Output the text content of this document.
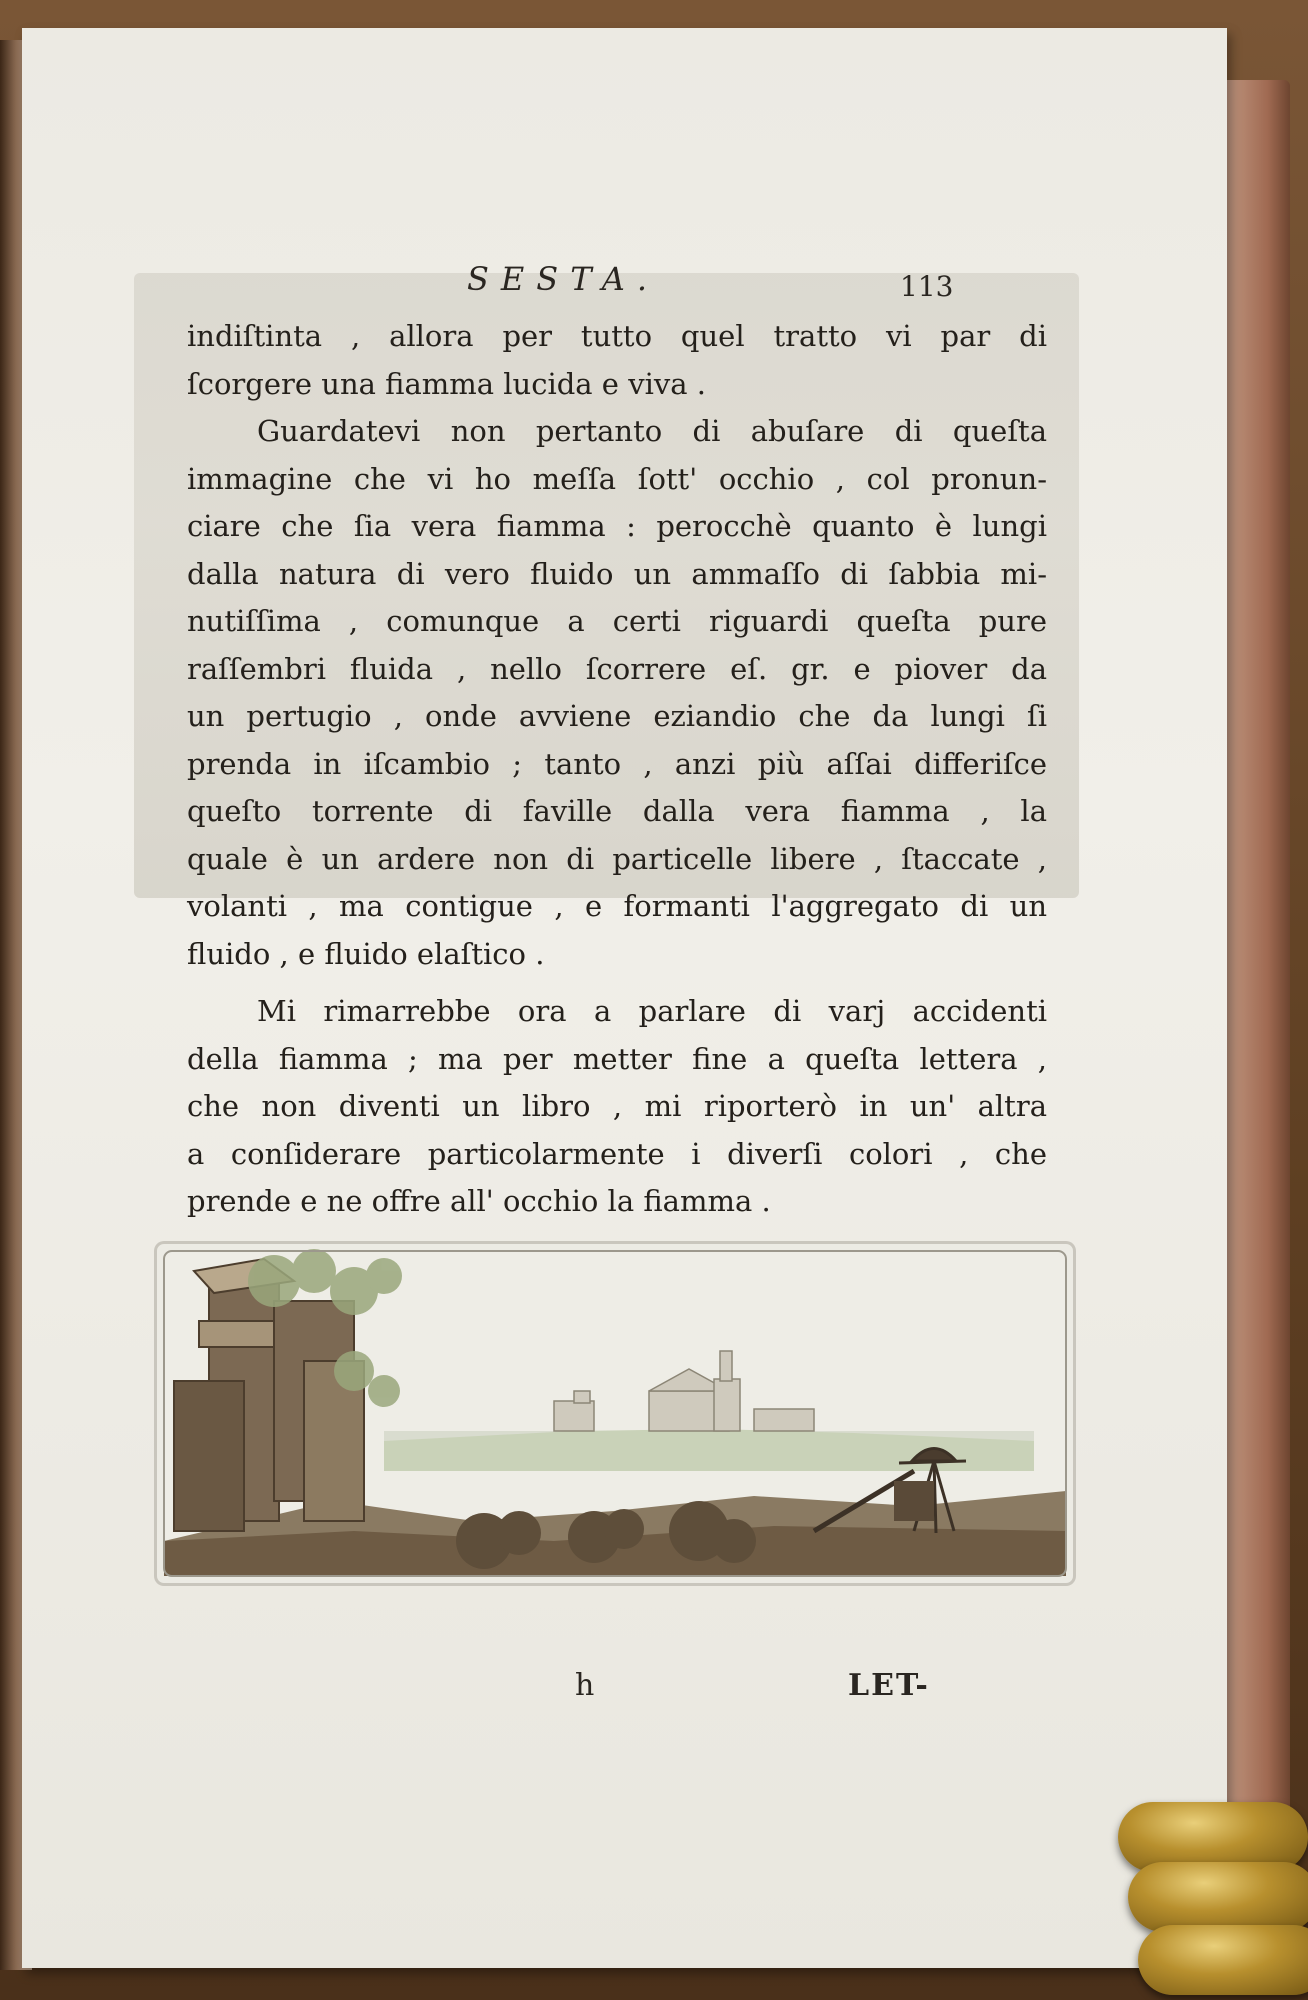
SESTA.	113
indiſtinta , allora per tutto quel tratto vi par di
ſcorgere una fiamma lucida e viva .
Guardatevi non pertanto di abuſare di queſta
immagine che vi ho meſſa ſott' occhio , col pronun-
ciare che ſia vera fiamma : perocchè quanto è lungi
dalla natura di vero fluido un ammaſſo di ſabbia mi-
nutiſſima , comunque a certi riguardi queſta pure
raſſembri fluida , nello ſcorrere eſ. gr. e piover da
un pertugio , onde avviene eziandio che da lungi ſi
prenda in iſcambio ; tanto , anzi più aſſai differiſce
queſto torrente di faville dalla vera fiamma , la
quale è un ardere non di particelle libere , ſtaccate ,
volanti , ma contigue , e formanti l'aggregato di un
fluido , e fluido elaſtico .
Mi rimarrebbe ora a parlare di varj accidenti
della fiamma ; ma per metter fine a queſta lettera ,
che non diventi un libro , mi riporterò in un' altra
a conſiderare particolarmente i diverſi colori , che
prende e ne offre all' occhio la fiamma .
h	LET-
